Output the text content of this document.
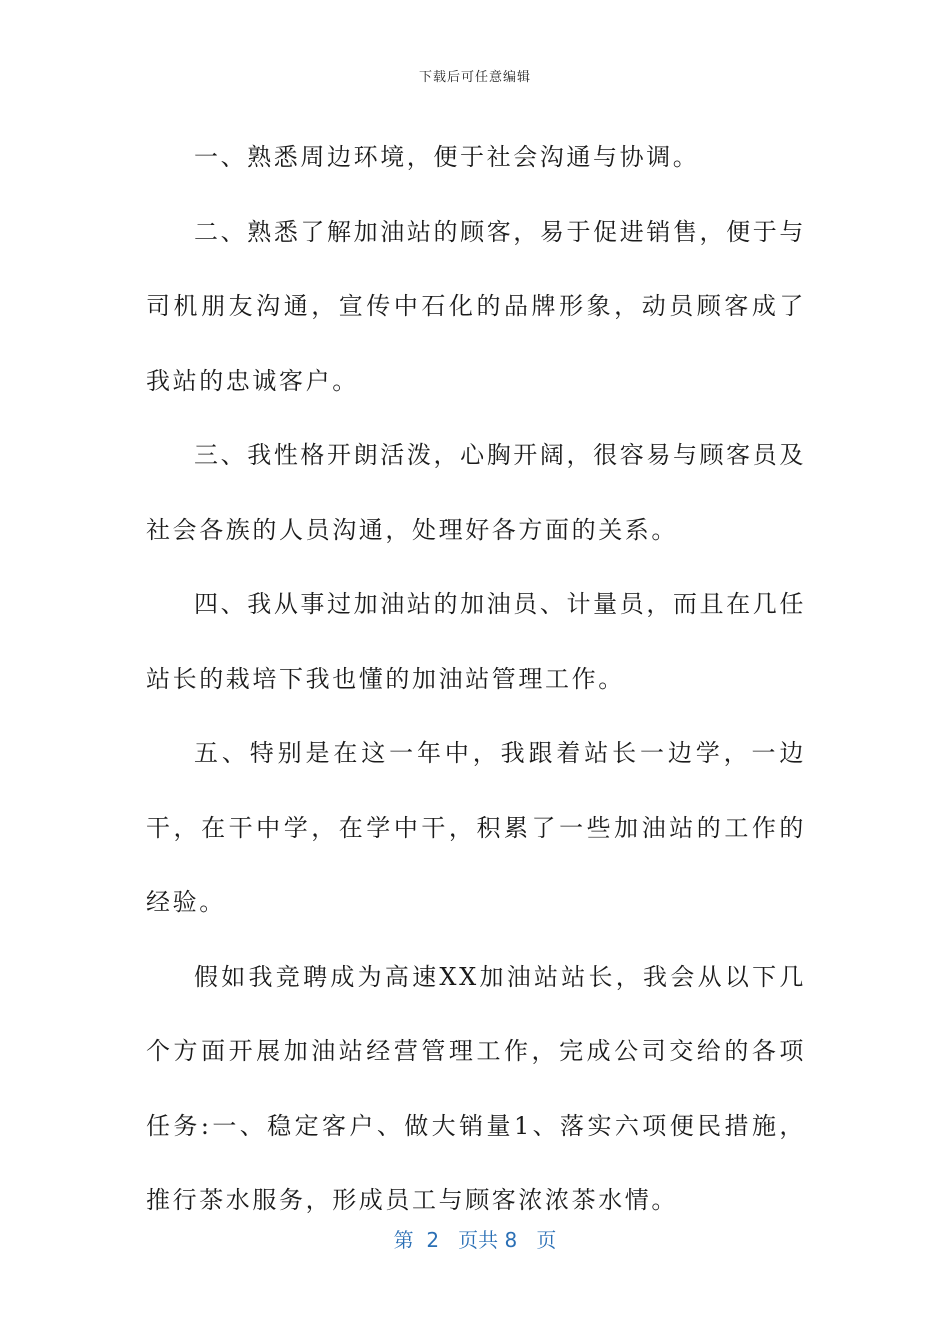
下载后可任意编辑

一、熟悉周边环境，便于社会沟通与协调。

二、熟悉了解加油站的顾客，易于促进销售，便于与司机朋友沟通，宣传中石化的品牌形象，动员顾客成了我站的忠诚客户。

三、我性格开朗活泼，心胸开阔，很容易与顾客员及社会各族的人员沟通，处理好各方面的关系。

四、我从事过加油站的加油员、计量员，而且在几任站长的栽培下我也懂的加油站管理工作。

五、特别是在这一年中，我跟着站长一边学，一边干，在干中学，在学中干，积累了一些加油站的工作的经验。

假如我竞聘成为高速XX加油站站长，我会从以下几个方面开展加油站经营管理工作，完成公司交给的各项任务:一、稳定客户、做大销量1、落实六项便民措施，推行茶水服务，形成员工与顾客浓浓茶水情。

第 2 页共 8 页
